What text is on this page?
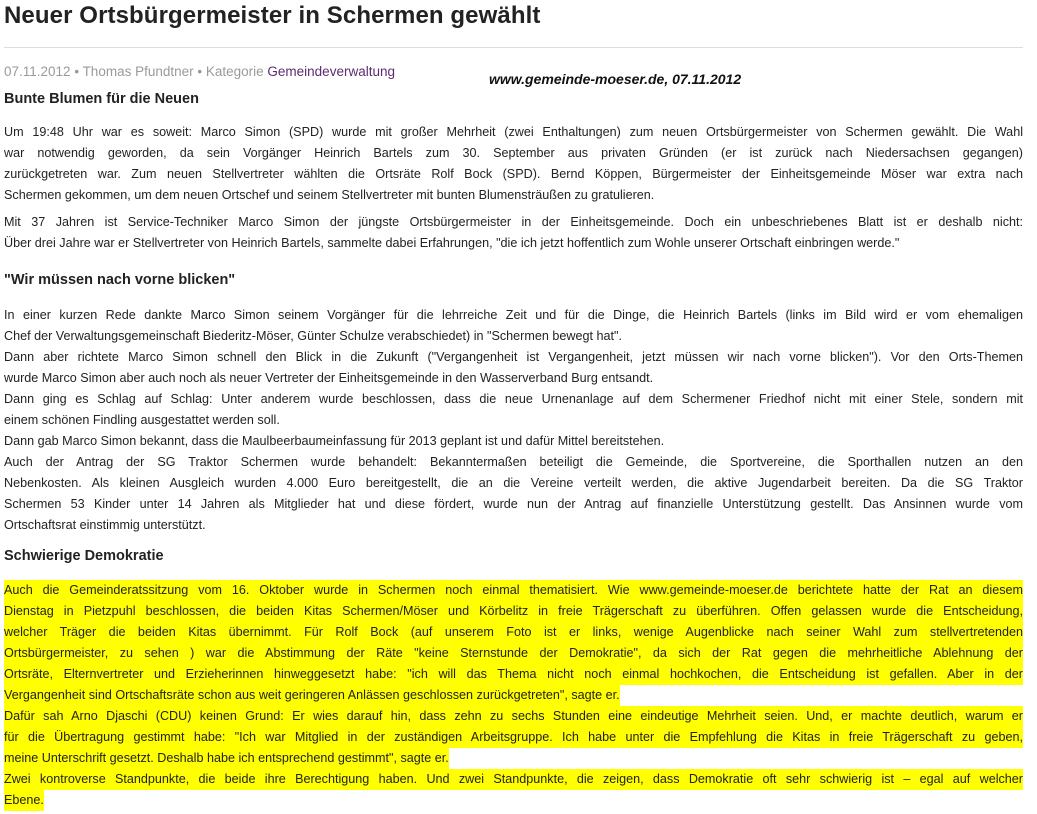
Neuer Ortsbürgermeister in Schermen gewählt
07.11.2012 • Thomas Pfundtner • Kategorie Gemeindeverwaltung	www.gemeinde-moeser.de, 07.11.2012
Bunte Blumen für die Neuen
Um 19:48 Uhr war es soweit: Marco Simon (SPD) wurde mit großer Mehrheit (zwei Enthaltungen) zum neuen Ortsbürgermeister von Schermen gewählt. Die Wahl
war notwendig geworden, da sein Vorgänger Heinrich Bartels zum 30. September aus privaten Gründen (er ist zurück nach Niedersachsen gegangen)
zurückgetreten war. Zum neuen Stellvertreter wählten die Ortsräte Rolf Bock (SPD). Bernd Köppen, Bürgermeister der Einheitsgemeinde Möser war extra nach
Schermen gekommen, um dem neuen Ortschef und seinem Stellvertreter mit bunten Blumensträußen zu gratulieren.
Mit 37 Jahren ist Service-Techniker Marco Simon der jüngste Ortsbürgermeister in der Einheitsgemeinde. Doch ein unbeschriebenes Blatt ist er deshalb nicht:
Über drei Jahre war er Stellvertreter von Heinrich Bartels, sammelte dabei Erfahrungen, "die ich jetzt hoffentlich zum Wohle unserer Ortschaft einbringen werde."
"Wir müssen nach vorne blicken"
In einer kurzen Rede dankte Marco Simon seinem Vorgänger für die lehrreiche Zeit und für die Dinge, die Heinrich Bartels (links im Bild wird er vom ehemaligen
Chef der Verwaltungsgemeinschaft Biederitz-Möser, Günter Schulze verabschiedet) in "Schermen bewegt hat".
Dann aber richtete Marco Simon schnell den Blick in die Zukunft ("Vergangenheit ist Vergangenheit, jetzt müssen wir nach vorne blicken"). Vor den Orts-Themen
wurde Marco Simon aber auch noch als neuer Vertreter der Einheitsgemeinde in den Wasserverband Burg entsandt.
Dann ging es Schlag auf Schlag: Unter anderem wurde beschlossen, dass die neue Urnenanlage auf dem Schermener Friedhof nicht mit einer Stele, sondern mit
einem schönen Findling ausgestattet werden soll.
Dann gab Marco Simon bekannt, dass die Maulbeerbaumeinfassung für 2013 geplant ist und dafür Mittel bereitstehen.
Auch der Antrag der SG Traktor Schermen wurde behandelt: Bekanntermaßen beteiligt die Gemeinde, die Sportvereine, die Sporthallen nutzen an den
Nebenkosten. Als kleinen Ausgleich wurden 4.000 Euro bereitgestellt, die an die Vereine verteilt werden, die aktive Jugendarbeit bereiten. Da die SG Traktor
Schermen 53 Kinder unter 14 Jahren als Mitglieder hat und diese fördert, wurde nun der Antrag auf finanzielle Unterstützung gestellt. Das Ansinnen wurde vom
Ortschaftsrat einstimmig unterstützt.
Schwierige Demokratie
Auch die Gemeinderatssitzung vom 16. Oktober wurde in Schermen noch einmal thematisiert. Wie www.gemeinde-moeser.de berichtete hatte der Rat an diesem
Dienstag in Pietzpuhl beschlossen, die beiden Kitas Schermen/Möser und Körbelitz in freie Trägerschaft zu überführen. Offen gelassen wurde die Entscheidung,
welcher Träger die beiden Kitas übernimmt. Für Rolf Bock (auf unserem Foto ist er links, wenige Augenblicke nach seiner Wahl zum stellvertretenden
Ortsbürgermeister, zu sehen ) war die Abstimmung der Räte "keine Sternstunde der Demokratie", da sich der Rat gegen die mehrheitliche Ablehnung der
Ortsräte, Elternvertreter und Erzieherinnen hinweggesetzt habe: "ich will das Thema nicht noch einmal hochkochen, die Entscheidung ist gefallen. Aber in der
Vergangenheit sind Ortschaftsräte schon aus weit geringeren Anlässen geschlossen zurückgetreten", sagte er.
Dafür sah Arno Djaschi (CDU) keinen Grund: Er wies darauf hin, dass zehn zu sechs Stunden eine eindeutige Mehrheit seien. Und, er machte deutlich, warum er
für die Übertragung gestimmt habe: "Ich war Mitglied in der zuständigen Arbeitsgruppe. Ich habe unter die Empfehlung die Kitas in freie Trägerschaft zu geben,
meine Unterschrift gesetzt. Deshalb habe ich entsprechend gestimmt", sagte er.
Zwei kontroverse Standpunkte, die beide ihre Berechtigung haben. Und zwei Standpunkte, die zeigen, dass Demokratie oft sehr schwierig ist – egal auf welcher
Ebene.
